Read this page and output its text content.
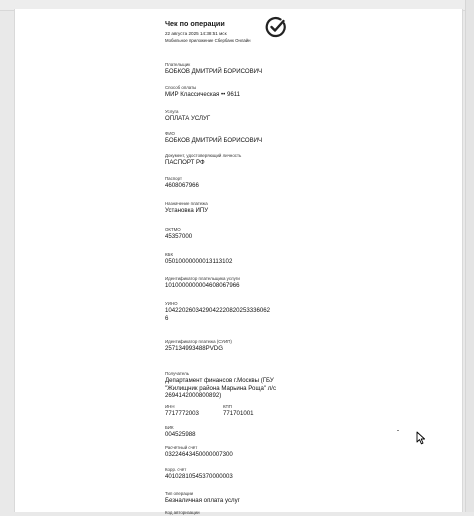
Чек по операции
22 августа 2025 14:38:51 мск
Мобильное приложение Сбербанк Онлайн
Плательщик
БОБКОВ ДМИТРИЙ БОРИСОВИЧ
Способ оплаты
МИР Классическая •• 9611
Услуга
ОПЛАТА УСЛУГ
ФИО
БОБКОВ ДМИТРИЙ БОРИСОВИЧ
Документ, удостоверяющий личность
ПАСПОРТ РФ
Паспорт
4608067966
Назначение платежа
Установка ИПУ
ОКТМО
45357000
КБК
05010000000013113102
Идентификатор плательщика услуги
1010000000004608067966
УИНО
10422026034290422208202533360626
Идентификатор платежа (СУИП)
257134993488PVDG
Получатель
Департамент финансов г.Москвы (ГБУ "Жилищник района Марьина Роща" л/с 2694142000800892)
ИНН
7717772003
КПП
771701001
БИК
004525988
Расчётный счёт
03224643450000007300
Корр. счёт
40102810545370000003
Тип операции
Безналичная оплата услуг
Код авторизации
